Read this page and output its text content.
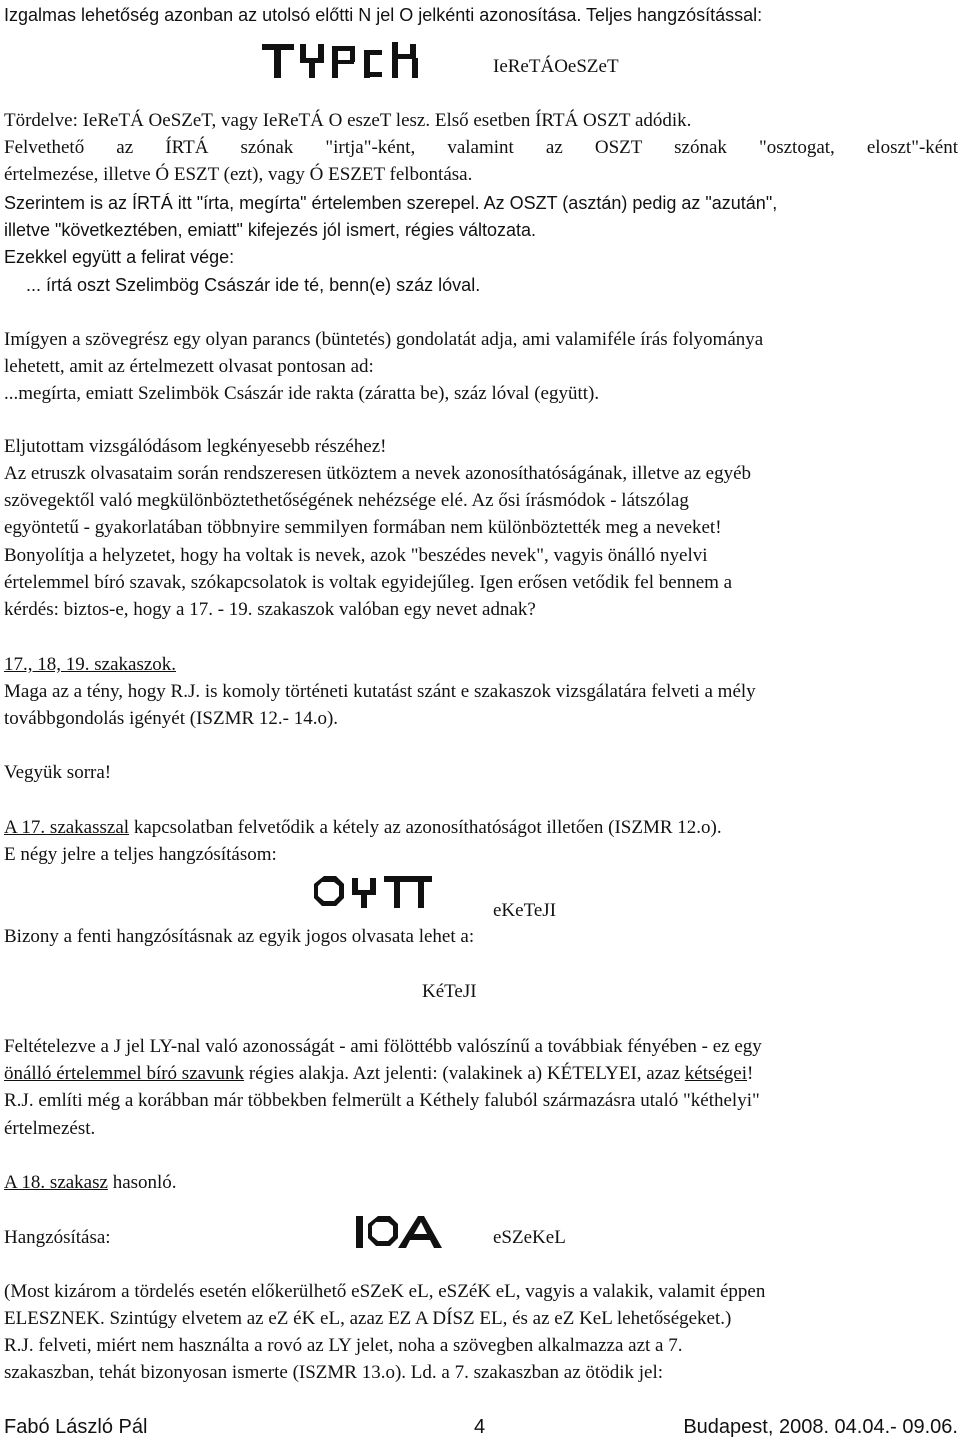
Izgalmas lehetőség azonban az utolsó előtti N jel O jelkénti azonosítása. Teljes hangzósítással:
IeReTÁOeSZeT
Tördelve: IeReTÁ OeSZeT, vagy IeReTÁ O eszeT lesz. Első esetben ÍRTÁ OSZT adódik.
Felvethető az ÍRTÁ szónak "irtja"-ként, valamint az OSZT szónak "osztogat, eloszt"-ként
értelmezése, illetve Ó ESZT (ezt), vagy Ó ESZET felbontása.
Szerintem is az ÍRTÁ itt "írta, megírta" értelemben szerepel. Az OSZT (asztán) pedig az "azután",
illetve "következtében, emiatt" kifejezés jól ismert, régies változata.
Ezekkel együtt a felirat vége:
... írtá oszt Szelimbög Császár ide té, benn(e) száz lóval.
Imígyen a szövegrész egy olyan parancs (büntetés) gondolatát adja, ami valamiféle írás folyománya
lehetett, amit az értelmezett olvasat pontosan ad:
...megírta, emiatt Szelimbök Császár ide rakta (záratta be), száz lóval (együtt).
Eljutottam vizsgálódásom legkényesebb részéhez!
Az etruszk olvasataim során rendszeresen ütköztem a nevek azonosíthatóságának, illetve az egyéb
szövegektől való megkülönböztethetőségének nehézsége elé. Az ősi írásmódok - látszólag
egyöntetű - gyakorlatában többnyire semmilyen formában nem különböztették meg a neveket!
Bonyolítja a helyzetet, hogy ha voltak is nevek, azok "beszédes nevek", vagyis önálló nyelvi
értelemmel bíró szavak, szókapcsolatok is voltak egyidejűleg. Igen erősen vetődik fel bennem a
kérdés: biztos-e, hogy a 17. - 19. szakaszok valóban egy nevet adnak?
17., 18, 19. szakaszok.
Maga az a tény, hogy R.J. is komoly történeti kutatást szánt e szakaszok vizsgálatára felveti a mély
továbbgondolás igényét (ISZMR 12.- 14.o).
Vegyük sorra!
A 17. szakasszal kapcsolatban felvetődik a kétely az azonosíthatóságot illetően (ISZMR 12.o).
E négy jelre a teljes hangzósításom:
eKeTeJI
Bizony a fenti hangzósításnak az egyik jogos olvasata lehet a:
KéTeJI
Feltételezve a J jel LY-nal való azonosságát - ami fölöttébb valószínű a továbbiak fényében - ez egy
önálló értelemmel bíró szavunk régies alakja. Azt jelenti: (valakinek a) KÉTELYEI, azaz kétségei!
R.J. említi még a korábban már többekben felmerült a Kéthely faluból származásra utaló "kéthelyi"
értelmezést.
A 18. szakasz hasonló.
Hangzósítása:	eSZeKeL
(Most kizárom a tördelés esetén előkerülhető eSZeK eL, eSZéK eL, vagyis a valakik, valamit éppen
ELESZNEK. Szintúgy elvetem az eZ éK eL, azaz EZ A DÍSZ EL, és az eZ KeL lehetőségeket.)
R.J. felveti, miért nem használta a rovó az LY jelet, noha a szövegben alkalmazza azt a 7.
szakaszban, tehát bizonyosan ismerte (ISZMR 13.o). Ld. a 7. szakaszban az ötödik jel:
Fabó László Pál	4	Budapest, 2008. 04.04.- 09.06.
